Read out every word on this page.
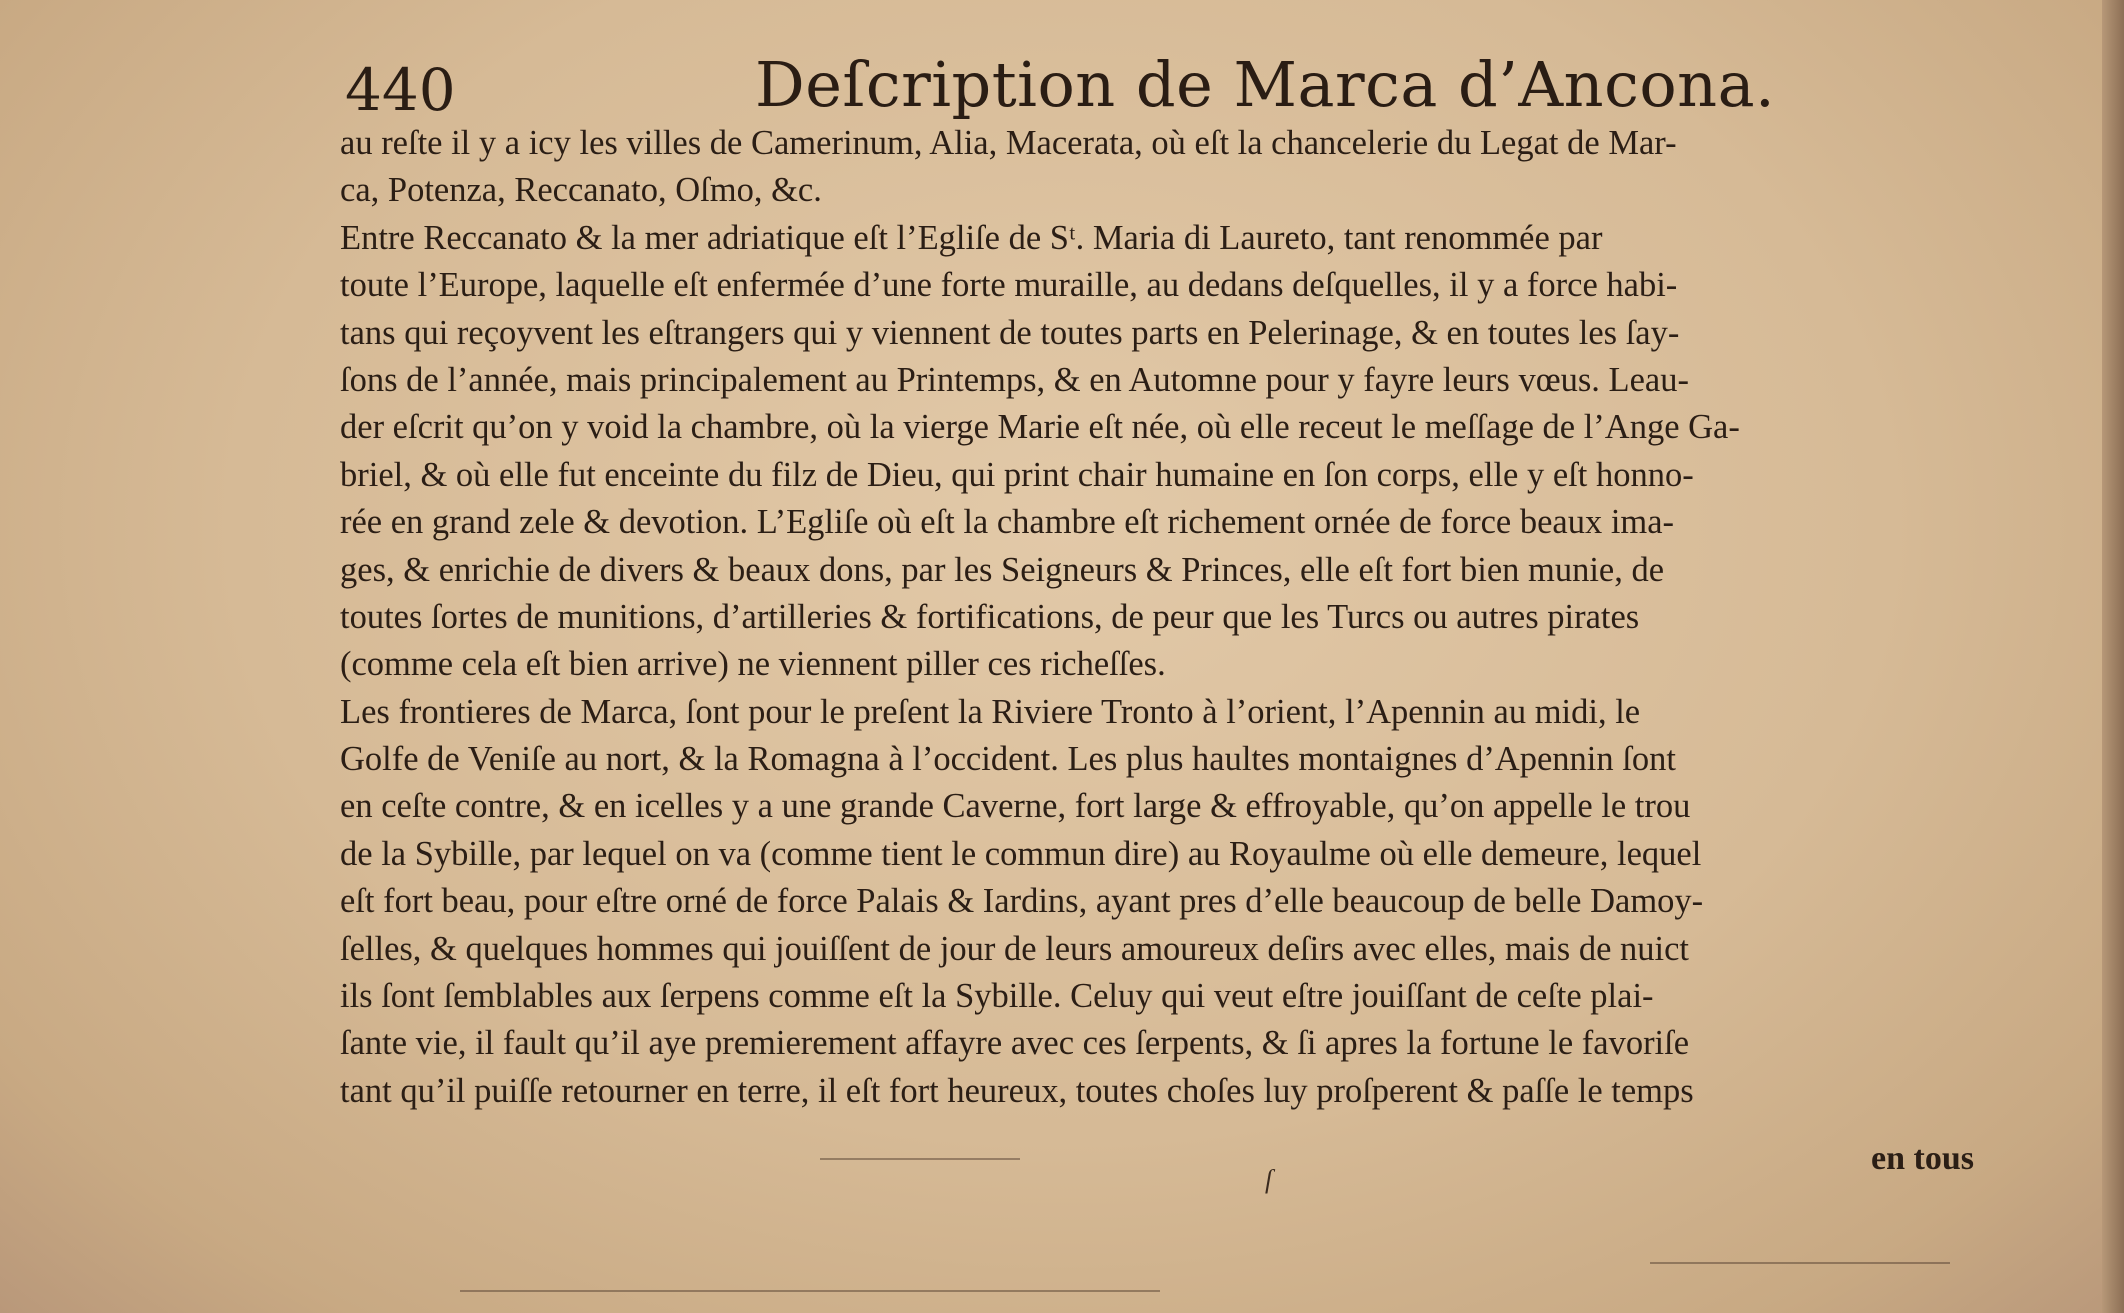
440	Deſcription de Marca d’Ancona.
au reſte il y a icy les villes de Camerinum, Alia, Macerata, où eſt la chancelerie du Legat de Mar-
ca, Potenza, Reccanato, Oſmo, &c.
Entre Reccanato & la mer adriatique eſt l’Egliſe de Sᵗ. Maria di Laureto, tant renommée par
toute l’Europe, laquelle eſt enfermée d’une forte muraille, au dedans deſquelles, il y a force habi-
tans qui reçoyvent les eſtrangers qui y viennent de toutes parts en Pelerinage, & en toutes les ſay-
ſons de l’année, mais principalement au Printemps, & en Automne pour y fayre leurs vœus. Leau-
der eſcrit qu’on y void la chambre, où la vierge Marie eſt née, où elle receut le meſſage de l’Ange Ga-
briel, & où elle fut enceinte du filz de Dieu, qui print chair humaine en ſon corps, elle y eſt honno-
rée en grand zele & devotion. L’Egliſe où eſt la chambre eſt richement ornée de force beaux ima-
ges, & enrichie de divers & beaux dons, par les Seigneurs & Princes, elle eſt fort bien munie, de
toutes ſortes de munitions, d’artilleries & fortifications, de peur que les Turcs ou autres pirates
(comme cela eſt bien arrive) ne viennent piller ces richeſſes.
Les frontieres de Marca, ſont pour le preſent la Riviere Tronto à l’orient, l’Apennin au midi, le
Golfe de Veniſe au nort, & la Romagna à l’occident. Les plus haultes montaignes d’Apennin ſont
en ceſte contre, & en icelles y a une grande Caverne, fort large & effroyable, qu’on appelle le trou
de la Sybille, par lequel on va (comme tient le commun dire) au Royaulme où elle demeure, lequel
eſt fort beau, pour eſtre orné de force Palais & Iardins, ayant pres d’elle beaucoup de belle Damoy-
ſelles, & quelques hommes qui jouiſſent de jour de leurs amoureux deſirs avec elles, mais de nuict
ils ſont ſemblables aux ſerpens comme eſt la Sybille. Celuy qui veut eſtre jouiſſant de ceſte plai-
ſante vie, il fault qu’il aye premierement affayre avec ces ſerpents, & ſi apres la fortune le favoriſe
tant qu’il puiſſe retourner en terre, il eſt fort heureux, toutes choſes luy proſperent & paſſe le temps
en tous
ſ
